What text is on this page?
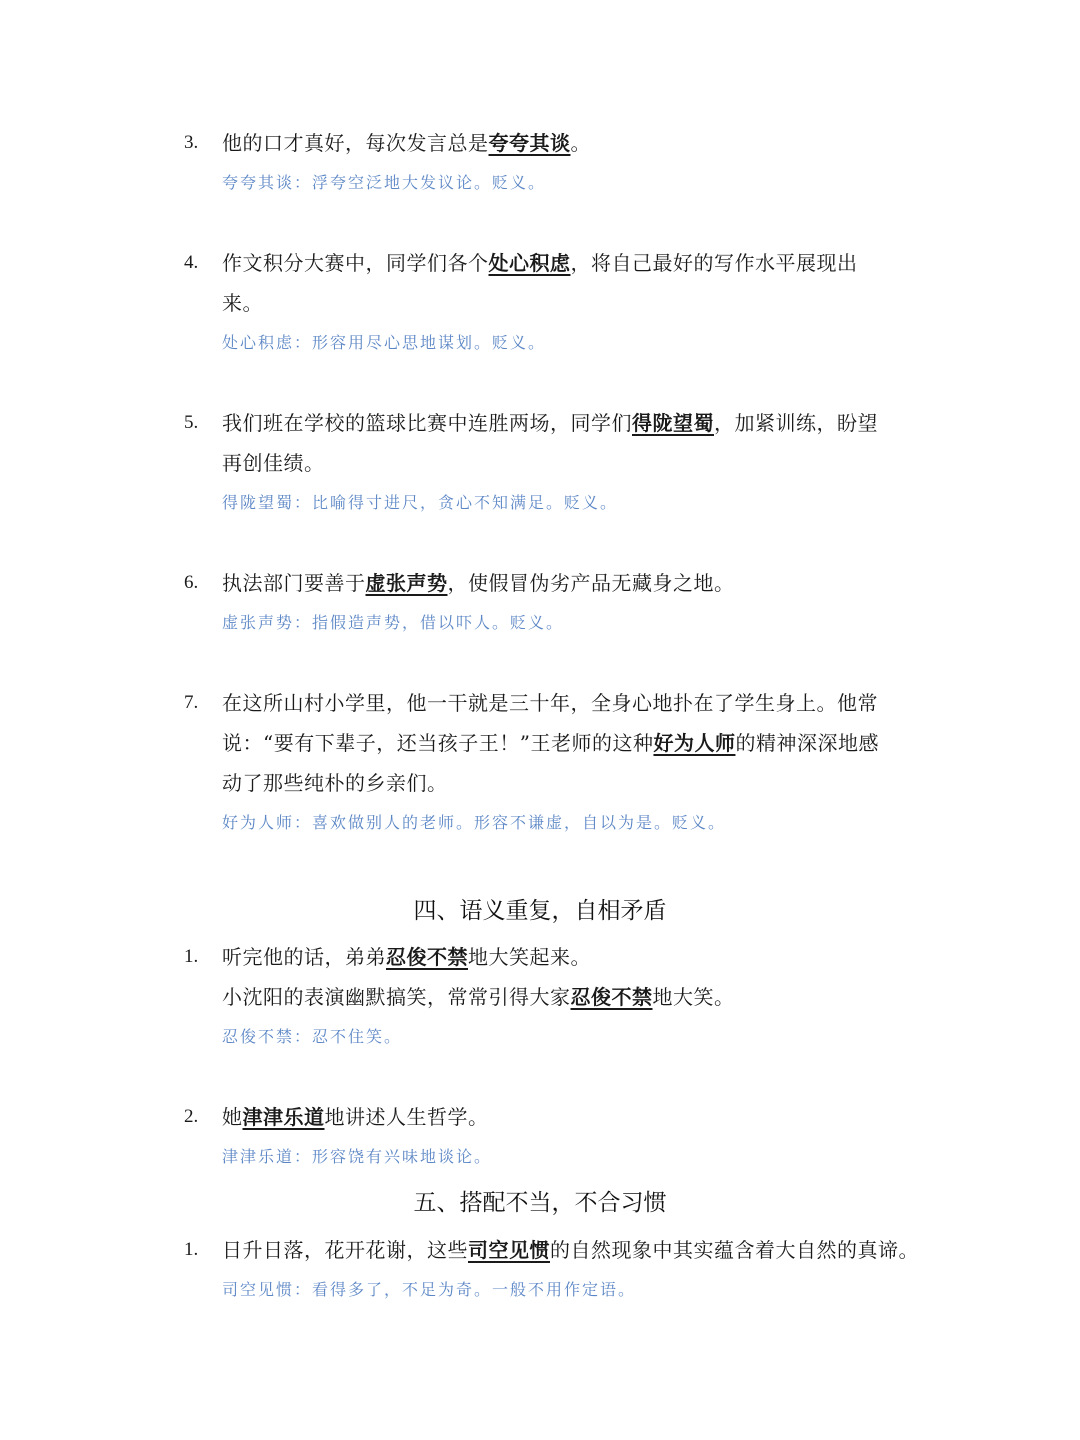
3. 他的口才真好，每次发言总是夸夸其谈。
夸夸其谈：浮夸空泛地大发议论。贬义。
4. 作文积分大赛中，同学们各个处心积虑，将自己最好的写作水平展现出
来。
处心积虑：形容用尽心思地谋划。贬义。
5. 我们班在学校的篮球比赛中连胜两场，同学们得陇望蜀，加紧训练，盼望
再创佳绩。
得陇望蜀：比喻得寸进尺，贪心不知满足。贬义。
6. 执法部门要善于虚张声势，使假冒伪劣产品无藏身之地。
虚张声势：指假造声势，借以吓人。贬义。
7. 在这所山村小学里，他一干就是三十年，全身心地扑在了学生身上。他常
说：“要有下辈子，还当孩子王！”王老师的这种好为人师的精神深深地感
动了那些纯朴的乡亲们。
好为人师：喜欢做别人的老师。形容不谦虚，自以为是。贬义。
四、语义重复，自相矛盾
1. 听完他的话，弟弟忍俊不禁地大笑起来。
小沈阳的表演幽默搞笑，常常引得大家忍俊不禁地大笑。
忍俊不禁：忍不住笑。
2. 她津津乐道地讲述人生哲学。
津津乐道：形容饶有兴味地谈论。
五、搭配不当，不合习惯
1. 日升日落，花开花谢，这些司空见惯的自然现象中其实蕴含着大自然的真谛。
司空见惯：看得多了，不足为奇。一般不用作定语。
